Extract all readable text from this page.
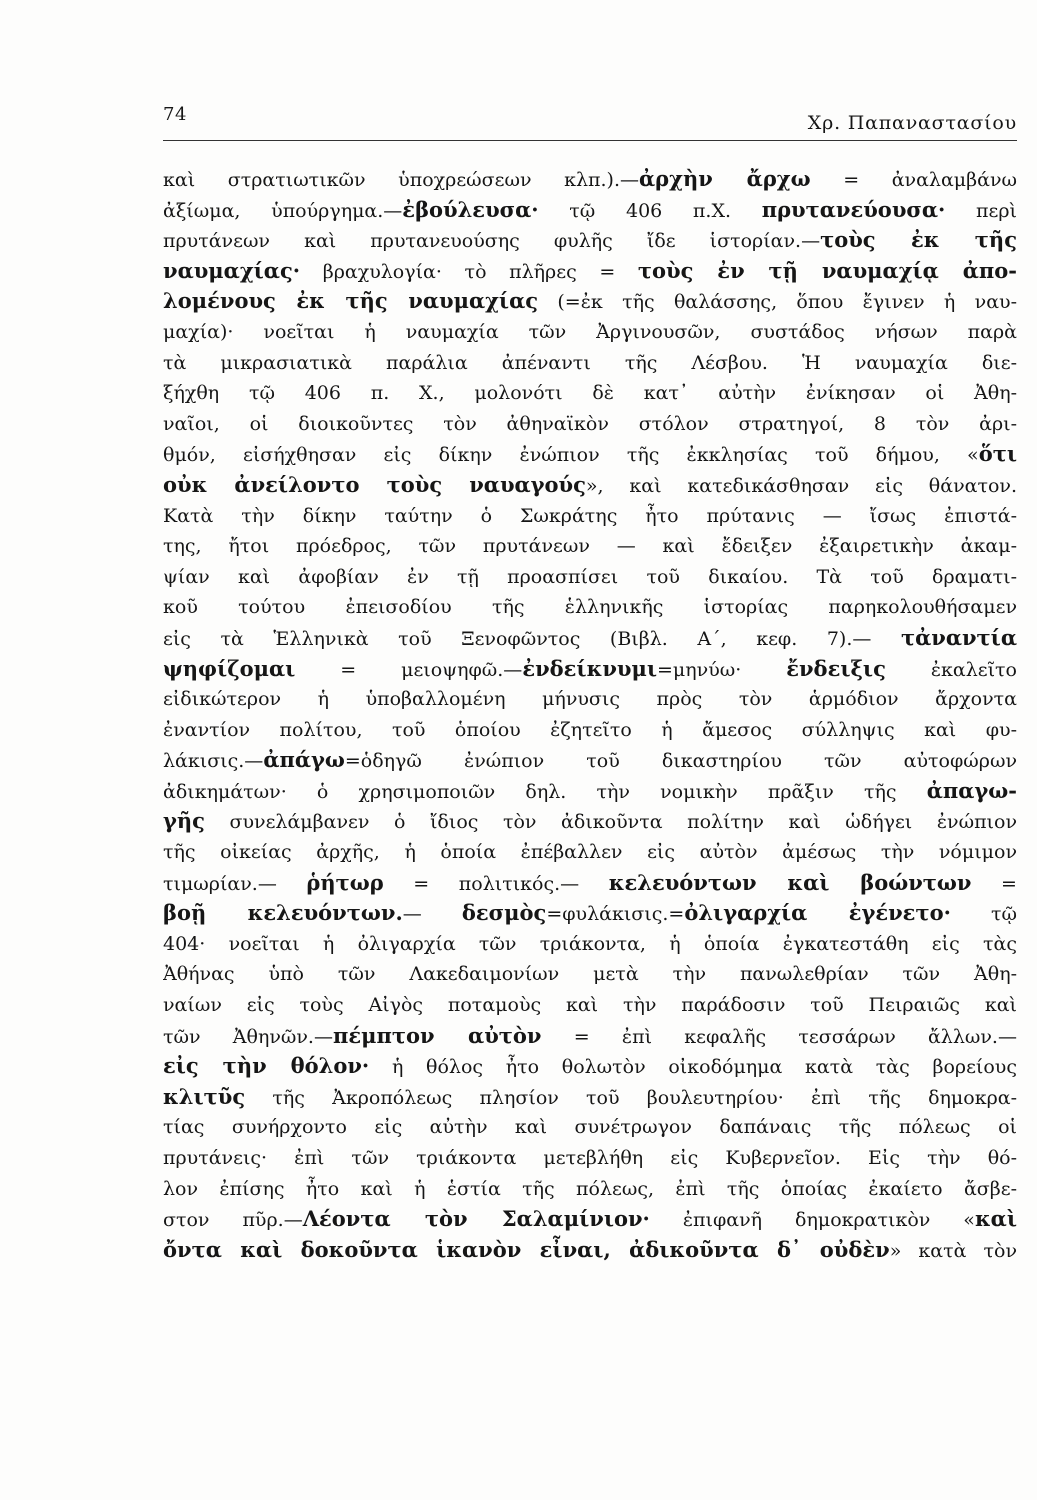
74	Χρ. Παπαναστασίου
καὶ στρατιωτικῶν ὑποχρεώσεων κλπ.).—ἀρχὴν ἄρχω = ἀναλαμβάνω
ἀξίωμα, ὑπούργημα.—ἐβούλευσα· τῷ 406 π.Χ. πρυτανεύουσα· περὶ
πρυτάνεων καὶ πρυτανευούσης φυλῆς ἴδε ἱστορίαν.—τοὺς ἐκ τῆς
ναυμαχίας· βραχυλογία· τὸ πλῆρες = τοὺς ἐν τῇ ναυμαχίᾳ ἀπο-
λομένους ἐκ τῆς ναυμαχίας (=ἐκ τῆς θαλάσσης, ὅπου ἔγινεν ἡ ναυ-
μαχία)· νοεῖται ἡ ναυμαχία τῶν Ἀργινουσῶν, συστάδος νήσων παρὰ
τὰ μικρασιατικὰ παράλια ἀπέναντι τῆς Λέσβου. Ἡ ναυμαχία διε-
ξήχθη τῷ 406 π. Χ., μολονότι δὲ κατ᾿ αὐτὴν ἐνίκησαν οἱ Ἀθη-
ναῖοι, οἱ διοικοῦντες τὸν ἀθηναϊκὸν στόλον στρατηγοί, 8 τὸν ἀρι-
θμόν, εἰσήχθησαν εἰς δίκην ἐνώπιον τῆς ἐκκλησίας τοῦ δήμου, «ὅτι
οὐκ ἀνείλοντο τοὺς ναυαγούς», καὶ κατεδικάσθησαν εἰς θάνατον.
Κατὰ τὴν δίκην ταύτην ὁ Σωκράτης ἦτο πρύτανις — ἴσως ἐπιστά-
της, ἤτοι πρόεδρος, τῶν πρυτάνεων — καὶ ἔδειξεν ἐξαιρετικὴν ἀκαμ-
ψίαν καὶ ἀφοβίαν ἐν τῇ προασπίσει τοῦ δικαίου. Τὰ τοῦ δραματι-
κοῦ τούτου ἐπεισοδίου τῆς ἑλληνικῆς ἱστορίας παρηκολουθήσαμεν
εἰς τὰ Ἑλληνικὰ τοῦ Ξενοφῶντος (Βιβλ. Α΄, κεφ. 7).— τἀναντία
ψηφίζομαι = μειοψηφῶ.—ἐνδείκνυμι=μηνύω· ἔνδειξις ἐκαλεῖτο
εἰδικώτερον ἡ ὑποβαλλομένη μήνυσις πρὸς τὸν ἁρμόδιον ἄρχοντα
ἐναντίον πολίτου, τοῦ ὁποίου ἐζητεῖτο ἡ ἄμεσος σύλληψις καὶ φυ-
λάκισις.—ἀπάγω=ὁδηγῶ ἐνώπιον τοῦ δικαστηρίου τῶν αὐτοφώρων
ἀδικημάτων· ὁ χρησιμοποιῶν δηλ. τὴν νομικὴν πρᾶξιν τῆς ἀπαγω-
γῆς συνελάμβανεν ὁ ἴδιος τὸν ἀδικοῦντα πολίτην καὶ ὡδήγει ἐνώπιον
τῆς οἰκείας ἀρχῆς, ἡ ὁποία ἐπέβαλλεν εἰς αὐτὸν ἀμέσως τὴν νόμιμον
τιμωρίαν.— ῥήτωρ = πολιτικός.— κελευόντων καὶ βοώντων =
βοῇ κελευόντων.— δεσμὸς=φυλάκισις.=ὀλιγαρχία ἐγένετο· τῷ
404· νοεῖται ἡ ὀλιγαρχία τῶν τριάκοντα, ἡ ὁποία ἐγκατεστάθη εἰς τὰς
Ἀθήνας ὑπὸ τῶν Λακεδαιμονίων μετὰ τὴν πανωλεθρίαν τῶν Ἀθη-
ναίων εἰς τοὺς Αἰγὸς ποταμοὺς καὶ τὴν παράδοσιν τοῦ Πειραιῶς καὶ
τῶν Ἀθηνῶν.—πέμπτον αὐτὸν = ἐπὶ κεφαλῆς τεσσάρων ἄλλων.—
εἰς τὴν θόλον· ἡ θόλος ἦτο θολωτὸν οἰκοδόμημα κατὰ τὰς βορείους
κλιτῦς τῆς Ἀκροπόλεως πλησίον τοῦ βουλευτηρίου· ἐπὶ τῆς δημοκρα-
τίας συνήρχοντο εἰς αὐτὴν καὶ συνέτρωγον δαπάναις τῆς πόλεως οἱ
πρυτάνεις· ἐπὶ τῶν τριάκοντα μετεβλήθη εἰς Κυβερνεῖον. Εἰς τὴν θό-
λον ἐπίσης ἦτο καὶ ἡ ἑστία τῆς πόλεως, ἐπὶ τῆς ὁποίας ἐκαίετο ἄσβε-
στον πῦρ.—Λέοντα τὸν Σαλαμίνιον· ἐπιφανῆ δημοκρατικὸν «καὶ
ὄντα καὶ δοκοῦντα ἱκανὸν εἶναι, ἀδικοῦντα δ᾿ οὐδὲν» κατὰ τὸν
